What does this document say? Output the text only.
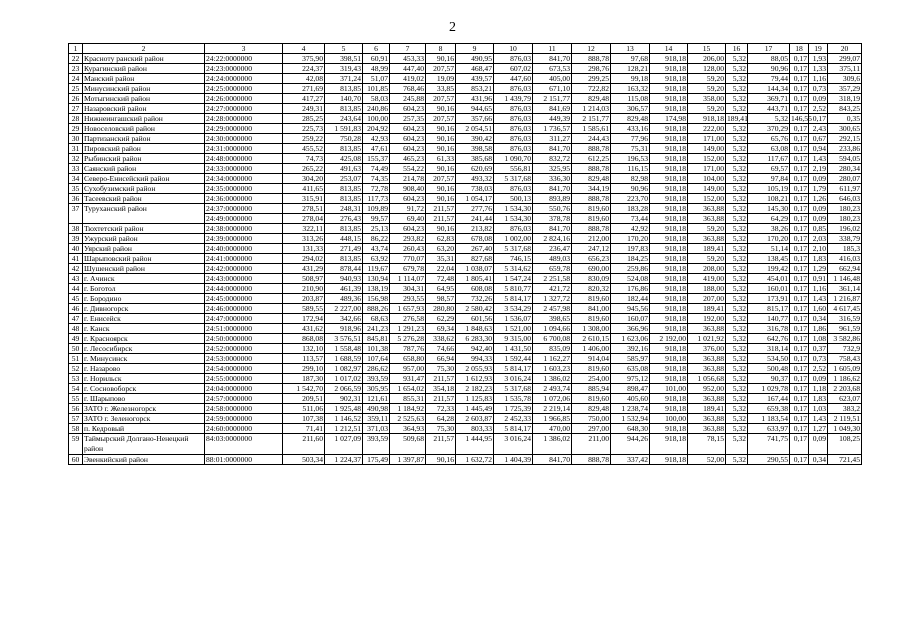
2
1	2	3	4	5	6	7	8	9	10	11	12	13	14	15	16	17	18	19	20	
22	Красноту ранский район	24:22:0000000	375,90	398,51	60,91	453,33	90,16	490,95	876,03	841,70	888,78	97,68	918,18	206,00	5,32	88,05	0,17	1,93	299,07	
23	Курагинский район	24:23:0000000	224,37	319,43	48,99	447,40	207,57	468,47	607,02	673,53	298,76	128,21	918,18	128,00	5,32	90,96	0,17	1,33	375,11	
24	Манский район	24:24:0000000	42,08	371,24	51,07	419,02	19,09	439,57	447,60	405,00	299,25	99,18	918,18	59,20	5,32	79,44	0,17	1,16	309,6	
25	Минусинский район	24:25:0000000	271,69	813,85	101,85	768,46	33,85	853,21	876,03	671,10	722,82	163,32	918,18	59,20	5,32	144,34	0,17	0,73	357,29	
26	Мотыгинский район	24:26:0000000	417,27	140,70	58,03	245,88	207,57	431,96	1 439,79	2 151,77	829,48	115,08	918,18	358,00	5,32	369,71	0,17	0,09	318,19	
27	Назаровский район	24:27:0000000	249,31	813,85	240,86	604,23	90,16	944,65	876,03	841,69	1 214,03	306,57	918,18	59,20	5,32	443,71	0,17	2,52	843,25	
28	Нижнеингашский район	24:28:0000000	285,25	243,64	100,00	257,35	207,57	357,66	876,03	449,39	2 151,77	829,48	174,98	918,18	189,41	5,32	146,55	0,17	0,35	
29	Новоселовский район	24:29:0000000	225,73	1 591,83	204,92	604,23	90,16	2 054,51	876,03	1 736,57	1 585,61	433,16	918,18	222,00	5,32	370,29	0,17	2,43	300,65	
30	Партизанский район	24:30:0000000	259,22	750,28	42,93	604,23	90,16	390,42	876,03	311,27	244,43	77,96	918,18	171,00	5,32	65,76	0,17	0,67	292,15	
31	Пировский район	24:31:0000000	455,52	813,85	47,61	604,23	90,16	398,58	876,03	841,70	888,78	75,31	918,18	149,00	5,32	63,08	0,17	0,94	233,86	
32	Рыбинский район	24:48:0000000	74,73	425,08	155,37	465,23	61,33	385,68	1 090,70	832,72	612,25	196,53	918,18	152,00	5,32	117,67	0,17	1,43	594,05	
33	Саянский район	24:33:0000000	265,22	491,63	74,49	554,22	90,16	620,69	556,81	325,95	888,78	116,15	918,18	171,00	5,32	69,57	0,17	2,19	280,34	
34	Северо-Енисейский район	24:34:0000000	304,20	253,07	74,35	214,78	207,57	493,32	5 317,68	336,30	829,48	82,98	918,18	104,00	5,32	97,84	0,17	0,09	280,07	
35	Сухобузимский район	24:35:0000000	411,65	813,85	72,78	908,40	90,16	738,03	876,03	841,70	344,19	90,96	918,18	149,00	5,32	105,19	0,17	1,79	611,97	
36	Тасеевский район	24:36:0000000	315,91	813,85	117,73	604,23	90,16	1 054,17	500,13	893,89	888,78	223,70	918,18	152,00	5,32	108,21	0,17	1,26	646,03	
37	Туруханский район	24:37:0000000	278,51	248,31	109,89	91,72	211,57	277,76	1 534,30	550,76	819,60	183,28	918,18	363,88	5,32	145,30	0,17	0,09	180,23	
		24:49:0000000	278,04	276,43	99,57	69,40	211,57	241,44	1 534,30	378,78	819,60	73,44	918,18	363,88	5,32	64,29	0,17	0,09	180,23	
38	Тюхтетский район	24:38:0000000	322,11	813,85	25,13	604,23	90,16	213,82	876,03	841,70	888,78	42,92	918,18	59,20	5,32	38,26	0,17	0,85	196,02	
39	Ужурский район	24:39:0000000	313,26	448,15	86,22	293,82	62,83	678,08	1 002,00	2 824,16	212,00	170,20	918,18	363,88	5,32	170,20	0,17	2,03	338,79	
40	Уярский район	24:40:0000000	131,33	271,49	43,74	260,43	63,20	267,40	5 317,68	236,47	247,12	197,83	918,18	189,41	5,32	51,14	0,17	2,10	185,3	
41	Шарыповский район	24:41:0000000	294,02	813,85	63,92	770,07	35,31	827,68	746,15	489,03	656,23	184,25	918,18	59,20	5,32	138,45	0,17	1,83	416,03	
42	Шушенский район	24:42:0000000	431,29	878,44	119,67	679,78	22,04	1 038,07	5 314,62	659,78	690,00	259,86	918,18	208,00	5,32	199,42	0,17	1,29	662,94	
43	г. Ачинск	24:43:0000000	508,97	940,93	130,94	1 114,07	72,48	1 805,41	1 547,24	2 251,58	830,09	524,08	918,18	419,00	5,32	454,01	0,17	0,91	1 146,48	
44	г. Боготол	24:44:0000000	210,90	461,39	138,19	304,31	64,95	608,08	5 810,77	421,72	820,32	176,86	918,18	188,00	5,32	160,01	0,17	1,16	361,14	
45	г. Бородино	24:45:0000000	203,87	489,36	156,98	293,55	98,57	732,26	5 814,17	1 327,72	819,60	182,44	918,18	207,00	5,32	173,91	0,17	1,43	1 216,87	
46	г. Дивногорск	24:46:0000000	589,55	2 227,00	888,26	1 657,93	280,80	2 580,42	3 534,29	2 457,98	841,00	945,56	918,18	189,41	5,32	815,17	0,17	1,60	4 617,45	
47	г. Енисейск	24:47:0000000	172,94	342,66	68,63	276,58	62,29	601,56	1 536,07	398,65	819,60	160,07	918,18	192,00	5,32	140,77	0,17	0,34	316,59	
48	г. Канск	24:51:0000000	431,62	918,96	241,23	1 291,23	69,34	1 848,63	1 521,00	1 094,66	1 308,00	366,96	918,18	363,88	5,32	316,78	0,17	1,86	961,59	
49	г. Красноярск	24:50:0000000	868,08	3 576,51	845,81	5 276,28	338,62	6 283,30	9 315,00	6 700,08	2 610,15	1 623,06	2 192,00	1 021,92	5,32	642,76	0,17	1,08	3 582,86	
50	г. Лесосибирск	24:52:0000000	132,10	1 558,48	101,38	787,76	74,66	942,40	1 431,50	835,09	1 406,00	392,16	918,18	376,00	5,32	318,14	0,17	0,37	732,9	
51	г. Минусинск	24:53:0000000	113,57	1 688,59	107,64	658,80	66,94	994,33	1 592,44	1 162,27	914,04	585,97	918,18	363,88	5,32	534,50	0,17	0,73	758,43	
52	г. Назарово	24:54:0000000	299,10	1 082,97	286,62	957,00	75,30	2 055,93	5 814,17	1 603,23	819,60	635,08	918,18	363,88	5,32	500,48	0,17	2,52	1 605,09	
53	г. Норильск	24:55:0000000	187,30	1 017,02	393,59	931,47	211,57	1 612,93	3 016,24	1 386,02	254,00	975,12	918,18	1 056,68	5,32	90,37	0,17	0,09	1 186,62	
54	г. Сосновоборск	24:04:0000000	1 542,70	2 066,59	305,95	1 654,02	354,18	2 182,23	5 317,68	2 493,74	885,94	898,47	101,00	952,00	5,32	1 029,78	0,17	1,18	2 203,68	
55	г. Шарыпово	24:57:0000000	209,51	902,31	121,61	855,31	211,57	1 125,83	1 535,78	1 072,06	819,60	405,60	918,18	363,88	5,32	167,44	0,17	1,83	623,07	
56	ЗАТО г. Железногорск	24:58:0000000	511,06	1 925,48	490,98	1 184,92	72,33	1 445,49	1 725,39	2 219,14	829,48	1 238,74	918,18	189,41	5,32	659,38	0,17	1,03	383,2	
57	ЗАТО г. Зеленогорск	24:59:0000000	107,38	1 146,52	359,11	2 525,63	64,28	2 603,87	2 452,33	1 966,85	750,00	1 532,94	100,00	363,88	5,32	1 183,54	0,17	1,43	2 119,51	
58	п. Кедровый	24:60:0000000	71,41	1 212,51	371,03	364,93	75,30	803,33	5 814,17	470,00	297,00	648,30	918,18	363,88	5,32	633,97	0,17	1,27	1 049,30	
59	Таймырский Долгано-Ненецкий район	84:03:0000000	211,60	1 027,09	393,59	509,68	211,57	1 444,95	3 016,24	1 386,02	211,00	944,26	918,18	78,15	5,32	741,75	0,17	0,09	108,25	
60	Эвенкийский район	88:01:0000000	503,34	1 224,37	175,49	1 397,87	90,16	1 632,72	1 404,39	841,70	888,78	337,42	918,18	52,00	5,32	290,55	0,17	0,34	721,45	
